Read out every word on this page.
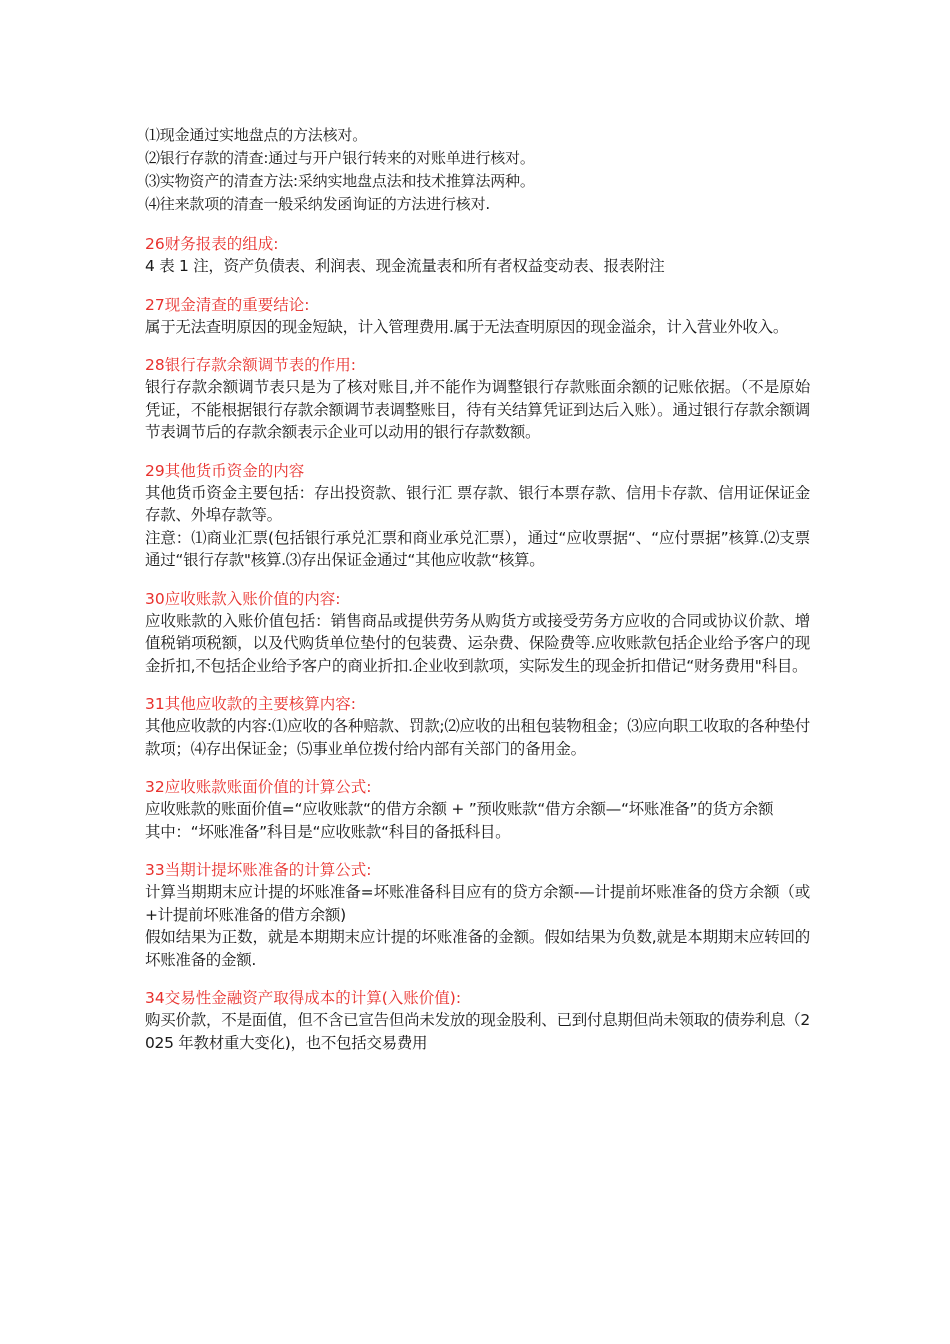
⑴现金通过实地盘点的方法核对。

⑵银行存款的清查:通过与开户银行转来的对账单进行核对。

⑶实物资产的清查方法:采纳实地盘点法和技术推算法两种。

⑷往来款项的清查一般采纳发函询证的方法进行核对.

26财务报表的组成:

4 表 1 注，资产负债表、利润表、现金流量表和所有者权益变动表、报表附注

27现金清查的重要结论:

属于无法查明原因的现金短缺，计入管理费用.属于无法查明原因的现金溢余，计入营业外收入。

28银行存款余额调节表的作用:

银行存款余额调节表只是为了核对账目,并不能作为调整银行存款账面余额的记账依据。（不是原始凭证，不能根据银行存款余额调节表调整账目，待有关结算凭证到达后入账）。通过银行存款余额调节表调节后的存款余额表示企业可以动用的银行存款数额。

29其他货币资金的内容

其他货币资金主要包括：存出投资款、银行汇 票存款、银行本票存款、信用卡存款、信用证保证金存款、外埠存款等。

注意：⑴商业汇票(包括银行承兑汇票和商业承兑汇票），通过“应收票据“、“应付票据”核算.⑵支票通过“银行存款"核算.⑶存出保证金通过“其他应收款“核算。

30应收账款入账价值的内容:

应收账款的入账价值包括：销售商品或提供劳务从购货方或接受劳务方应收的合同或协议价款、增值税销项税额，以及代购货单位垫付的包装费、运杂费、保险费等.应收账款包括企业给予客户的现金折扣,不包括企业给予客户的商业折扣.企业收到款项，实际发生的现金折扣借记“财务费用"科目。

31其他应收款的主要核算内容:

其他应收款的内容:⑴应收的各种赔款、罚款;⑵应收的出租包装物租金；⑶应向职工收取的各种垫付款项；⑷存出保证金；⑸事业单位拨付给内部有关部门的备用金。

32应收账款账面价值的计算公式:

应收账款的账面价值=“应收账款“的借方余额 + ”预收账款“借方余额—“坏账准备”的货方余额

其中：“坏账准备”科目是“应收账款“科目的备抵科目。

33当期计提坏账准备的计算公式:

计算当期期末应计提的坏账准备=坏账准备科目应有的贷方余额-—计提前坏账准备的贷方余额（或+计提前坏账准备的借方余额)

假如结果为正数，就是本期期末应计提的坏账准备的金额。假如结果为负数,就是本期期末应转回的坏账准备的金额.

34交易性金融资产取得成本的计算(入账价值):

购买价款，不是面值，但不含已宣告但尚未发放的现金股利、已到付息期但尚未领取的债券利息（2025 年教材重大变化)，也不包括交易费用
